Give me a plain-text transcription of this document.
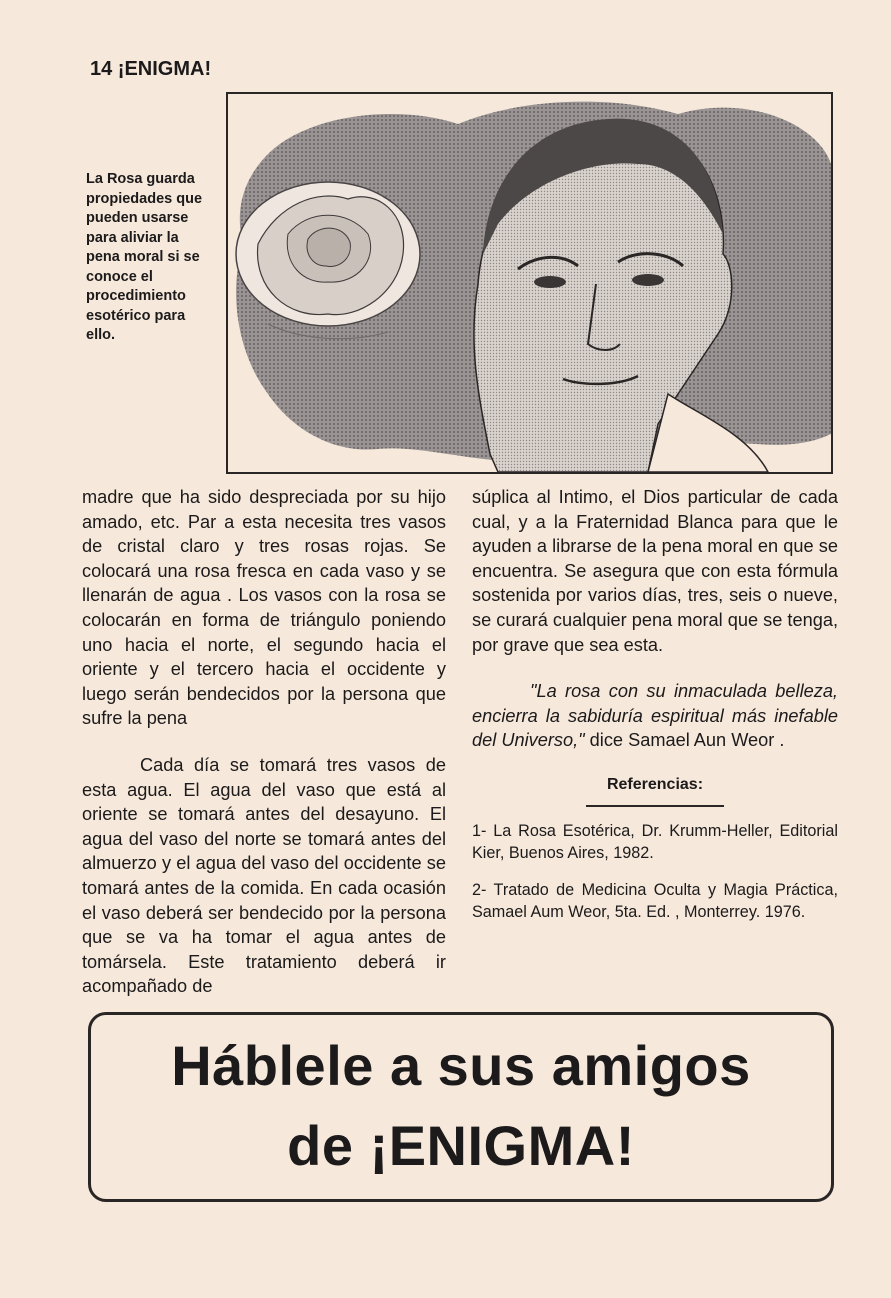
14 ¡ENIGMA!
La Rosa guarda propiedades que pueden usarse para aliviar la pena moral si se conoce el procedimiento esotérico para ello.

madre que ha sido despreciada por su hijo amado, etc. Par a esta necesita tres vasos de cristal claro y tres rosas rojas. Se colocará una rosa fresca en cada vaso y se llenarán de agua . Los vasos con la rosa se colocarán en forma de triángulo poniendo uno hacia el norte, el segundo hacia el oriente y el tercero hacia el occidente y luego serán bendecidos por la persona que sufre la pena

Cada día se tomará tres vasos de esta agua. El agua del vaso que está al oriente se tomará antes del desayuno. El agua del vaso del norte se tomará antes del almuerzo y el agua del vaso del occidente se tomará antes de la comida. En cada ocasión el vaso deberá ser bendecido por la persona que se va ha tomar el agua antes de tomársela. Este tratamiento deberá ir acompañado de

súplica al Intimo, el Dios particular de cada cual, y a la Fraternidad Blanca para que le ayuden a librarse de la pena moral en que se encuentra. Se asegura que con esta fórmula sostenida por varios días, tres, seis o nueve, se curará cualquier pena moral que se tenga, por grave que sea esta.

"La rosa con su inmaculada belleza, encierra la sabiduría espiritual más inefable del Universo," dice Samael Aun Weor .

Referencias:
1- La Rosa Esotérica, Dr. Krumm-Heller, Editorial Kier, Buenos Aires, 1982.
2- Tratado de Medicina Oculta y Magia Práctica, Samael Aum Weor, 5ta. Ed. , Monterrey. 1976.
Háblele a sus amigos
de ¡ENIGMA!
